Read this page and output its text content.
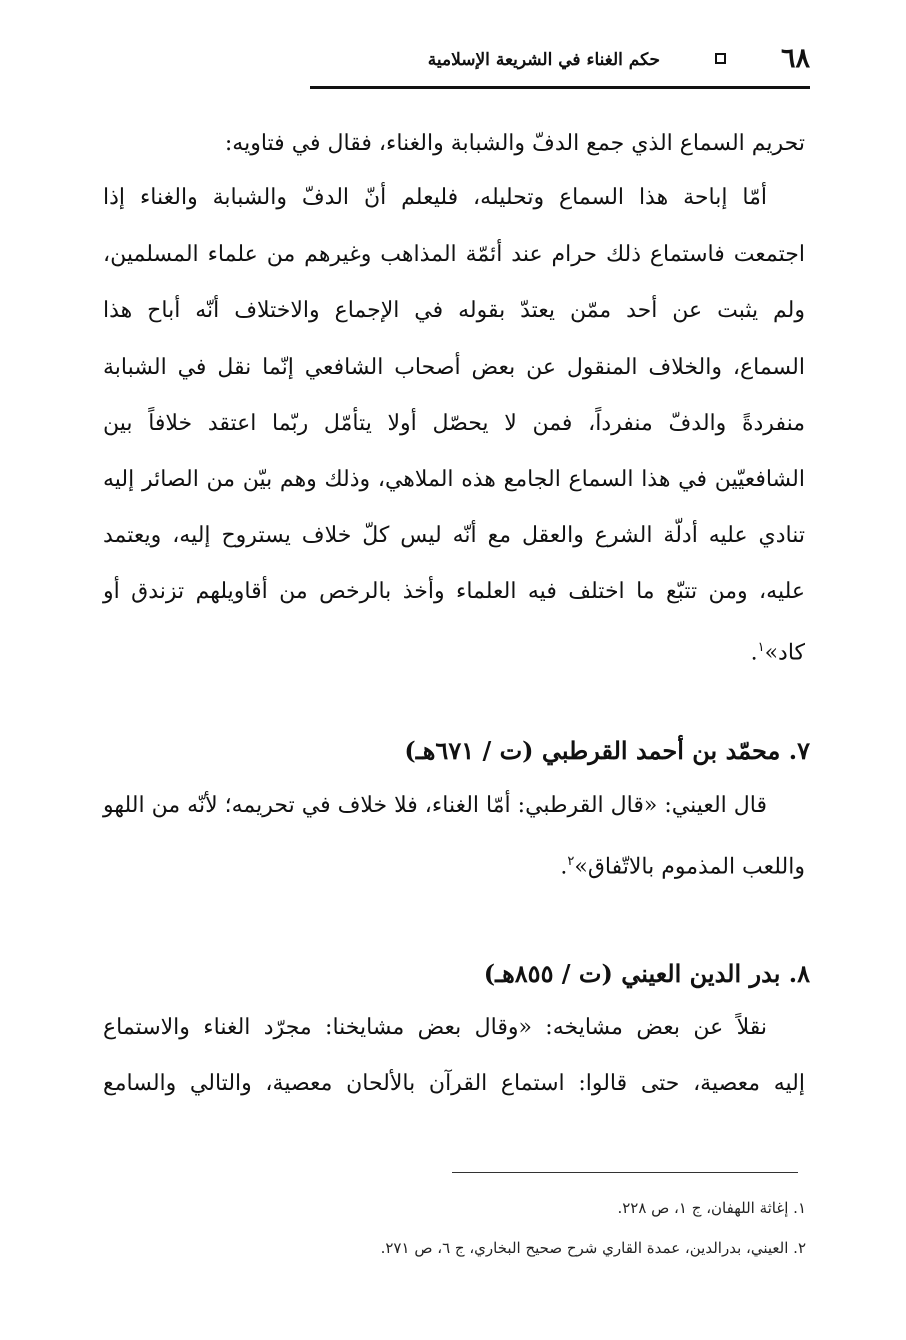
٦٨
حكم الغناء في الشريعة الإسلامية
تحريم السماع الذي جمع الدفّ والشبابة والغناء، فقال في فتاويه:
أمّا إباحة هذا السماع وتحليله، فليعلم أنّ الدفّ والشبابة والغناء إذا
اجتمعت فاستماع ذلك حرام عند أئمّة المذاهب وغيرهم من علماء المسلمين،
ولم يثبت عن أحد ممّن يعتدّ بقوله في الإجماع والاختلاف أنّه أباح هذا
السماع، والخلاف المنقول عن بعض أصحاب الشافعي إنّما نقل في الشبابة
منفردةً والدفّ منفرداً، فمن لا يحصّل أولا يتأمّل ربّما اعتقد خلافاً بين
الشافعيّين في هذا السماع الجامع هذه الملاهي، وذلك وهم بيّن من الصائر إليه
تنادي عليه أدلّة الشرع والعقل مع أنّه ليس كلّ خلاف يستروح إليه، ويعتمد
عليه، ومن تتبّع ما اختلف فيه العلماء وأخذ بالرخص من أقاويلهم تزندق أو
كاد»$^١$.
٧. محمّد بن أحمد القرطبي (ت / ٦٧١هـ)
قال العيني: «قال القرطبي: أمّا الغناء، فلا خلاف في تحريمه؛ لأنّه من اللهو
واللعب المذموم بالاتّفاق»$^٢$.
٨. بدر الدين العيني (ت / ٨٥٥هـ)
نقلاً عن بعض مشايخه: «وقال بعض مشايخنا: مجرّد الغناء والاستماع
إليه معصية، حتى قالوا: استماع القرآن بالألحان معصية، والتالي والسامع
١. إغاثة اللهفان، ج ١، ص ٢٢٨.
٢. العيني، بدرالدين، عمدة القاري شرح صحيح البخاري، ج ٦، ص ٢٧١.
